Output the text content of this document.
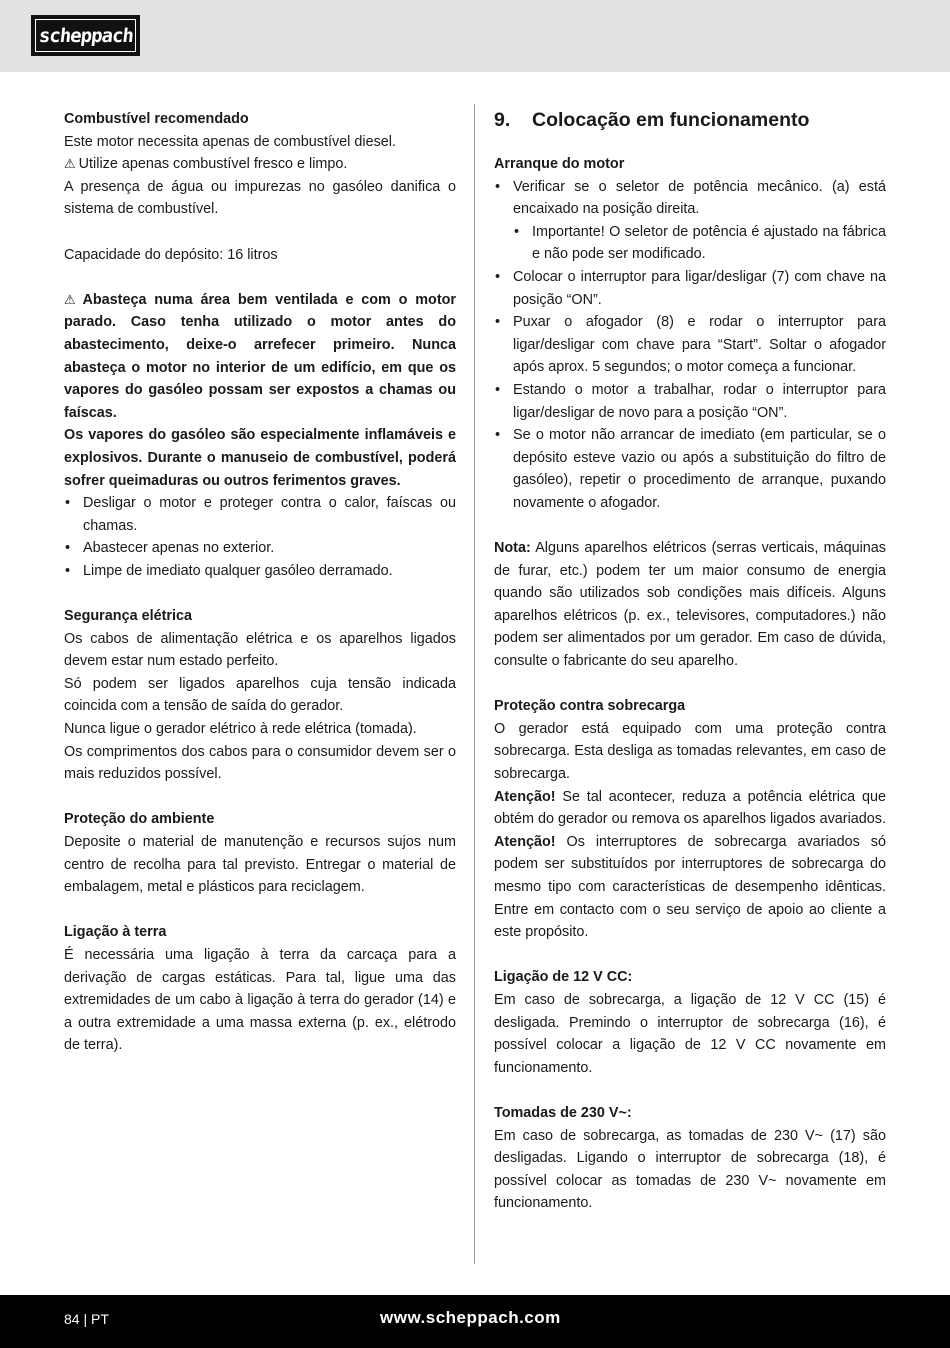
scheppach
Combustível recomendado
Este motor necessita apenas de combustível diesel.
⚠ Utilize apenas combustível fresco e limpo.
A presença de água ou impurezas no gasóleo danifica o sistema de combustível.
Capacidade do depósito: 16 litros
⚠ Abasteça numa área bem ventilada e com o motor parado. Caso tenha utilizado o motor antes do abastecimento, deixe-o arrefecer primeiro. Nunca abasteça o motor no interior de um edifício, em que os vapores do gasóleo possam ser expostos a chamas ou faíscas.
Os vapores do gasóleo são especialmente inflamáveis e explosivos. Durante o manuseio de combustível, poderá sofrer queimaduras ou outros ferimentos graves.
• Desligar o motor e proteger contra o calor, faíscas ou chamas.
• Abastecer apenas no exterior.
• Limpe de imediato qualquer gasóleo derramado.
Segurança elétrica
Os cabos de alimentação elétrica e os aparelhos ligados devem estar num estado perfeito.
Só podem ser ligados aparelhos cuja tensão indicada coincida com a tensão de saída do gerador.
Nunca ligue o gerador elétrico à rede elétrica (tomada).
Os comprimentos dos cabos para o consumidor devem ser o mais reduzidos possível.
Proteção do ambiente
Deposite o material de manutenção e recursos sujos num centro de recolha para tal previsto. Entregar o material de embalagem, metal e plásticos para reciclagem.
Ligação à terra
É necessária uma ligação à terra da carcaça para a derivação de cargas estáticas. Para tal, ligue uma das extremidades de um cabo à ligação à terra do gerador (14) e a outra extremidade a uma massa externa (p. ex., elétrodo de terra).
9.	Colocação em funcionamento
Arranque do motor
• Verificar se o seletor de potência mecânico. (a) está encaixado na posição direita.
• Importante! O seletor de potência é ajustado na fábrica e não pode ser modificado.
• Colocar o interruptor para ligar/desligar (7) com chave na posição “ON”.
• Puxar o afogador (8) e rodar o interruptor para ligar/desligar com chave para “Start”. Soltar o afogador após aprox. 5 segundos; o motor começa a funcionar.
• Estando o motor a trabalhar, rodar o interruptor para ligar/desligar de novo para a posição “ON”.
• Se o motor não arrancar de imediato (em particular, se o depósito esteve vazio ou após a substituição do filtro de gasóleo), repetir o procedimento de arranque, puxando novamente o afogador.
Nota: Alguns aparelhos elétricos (serras verticais, máquinas de furar, etc.) podem ter um maior consumo de energia quando são utilizados sob condições mais difíceis. Alguns aparelhos elétricos (p. ex., televisores, computadores.) não podem ser alimentados por um gerador. Em caso de dúvida, consulte o fabricante do seu aparelho.
Proteção contra sobrecarga
O gerador está equipado com uma proteção contra sobrecarga. Esta desliga as tomadas relevantes, em caso de sobrecarga.
Atenção! Se tal acontecer, reduza a potência elétrica que obtém do gerador ou remova os aparelhos ligados avariados.
Atenção! Os interruptores de sobrecarga avariados só podem ser substituídos por interruptores de sobrecarga do mesmo tipo com características de desempenho idênticas. Entre em contacto com o seu serviço de apoio ao cliente a este propósito.
Ligação de 12 V CC:
Em caso de sobrecarga, a ligação de 12 V CC (15) é desligada. Premindo o interruptor de sobrecarga (16), é possível colocar a ligação de 12 V CC novamente em funcionamento.
Tomadas de 230 V~:
Em caso de sobrecarga, as tomadas de 230 V~ (17) são desligadas. Ligando o interruptor de sobrecarga (18), é possível colocar as tomadas de 230 V~ novamente em funcionamento.
84 | PT	www.scheppach.com
